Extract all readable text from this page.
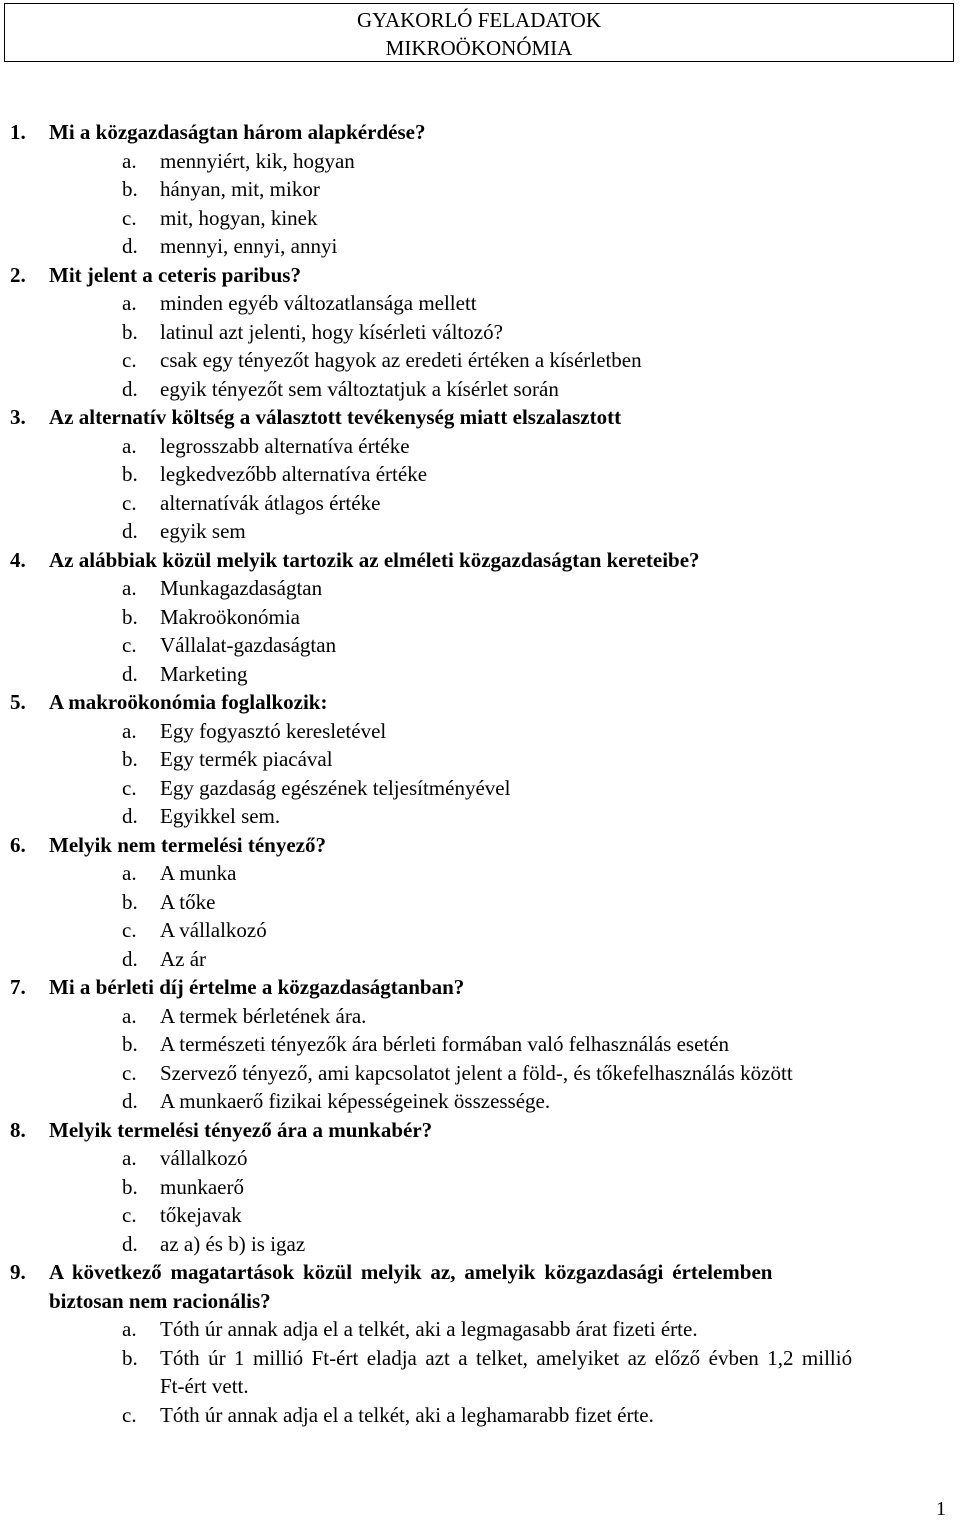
GYAKORLÓ FELADATOK
MIKROÖKONÓMIA
1. Mi a közgazdaságtan három alapkérdése?
a. mennyiért, kik, hogyan
b. hányan, mit, mikor
c. mit, hogyan, kinek
d. mennyi, ennyi, annyi
2. Mit jelent a ceteris paribus?
a. minden egyéb változatlansága mellett
b. latinul azt jelenti, hogy kísérleti változó?
c. csak egy tényezőt hagyok az eredeti értéken a kísérletben
d. egyik tényezőt sem változtatjuk a kísérlet során
3. Az alternatív költség a választott tevékenység miatt elszalasztott
a. legrosszabb alternatíva értéke
b. legkedvezőbb alternatíva értéke
c. alternatívák átlagos értéke
d. egyik sem
4. Az alábbiak közül melyik tartozik az elméleti közgazdaságtan kereteibe?
a. Munkagazdaságtan
b. Makroökonómia
c. Vállalat-gazdaságtan
d. Marketing
5. A makroökonómia foglalkozik:
a. Egy fogyasztó keresletével
b. Egy termék piacával
c. Egy gazdaság egészének teljesítményével
d. Egyikkel sem.
6. Melyik nem termelési tényező?
a. A munka
b. A tőke
c. A vállalkozó
d. Az ár
7. Mi a bérleti díj értelme a közgazdaságtanban?
a. A termek bérletének ára.
b. A természeti tényezők ára bérleti formában való felhasználás esetén
c. Szervező tényező, ami kapcsolatot jelent a föld-, és tőkefelhasználás között
d. A munkaerő fizikai képességeinek összessége.
8. Melyik termelési tényező ára a munkabér?
a. vállalkozó
b. munkaerő
c. tőkejavak
d. az a) és b) is igaz
9. A következő magatartások közül melyik az, amelyik közgazdasági értelemben
biztosan nem racionális?
a. Tóth úr annak adja el a telkét, aki a legmagasabb árat fizeti érte.
b. Tóth úr 1 millió Ft-ért eladja azt a telket, amelyiket az előző évben 1,2 millió
Ft-ért vett.
c. Tóth úr annak adja el a telkét, aki a leghamarabb fizet érte.
1
